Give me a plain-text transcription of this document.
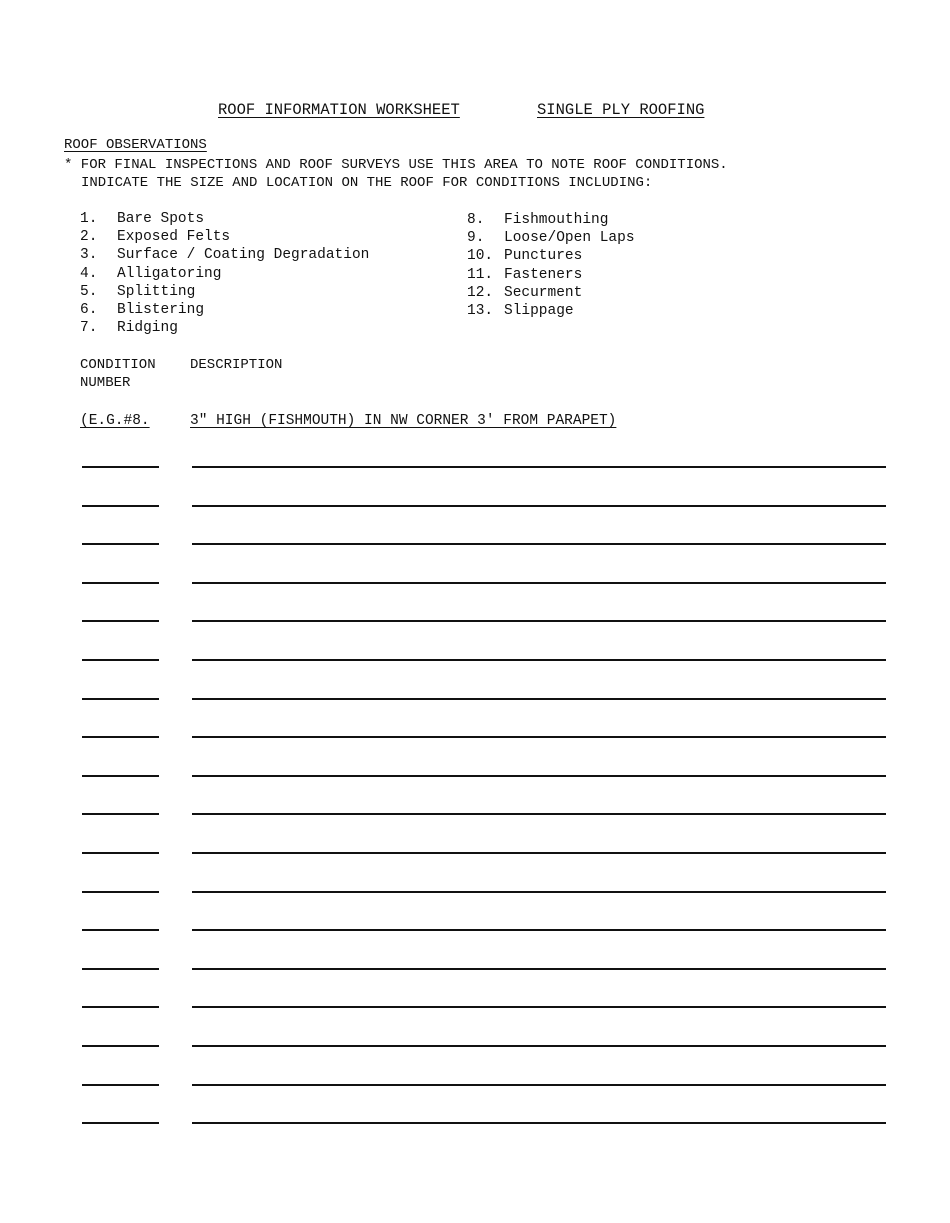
ROOF INFORMATION WORKSHEET	SINGLE PLY ROOFING
ROOF OBSERVATIONS
* FOR FINAL INSPECTIONS AND ROOF SURVEYS USE THIS AREA TO NOTE ROOF CONDITIONS.
INDICATE THE SIZE AND LOCATION ON THE ROOF FOR CONDITIONS INCLUDING:
1. Bare Spots
2. Exposed Felts
3. Surface / Coating Degradation
4. Alligatoring
5. Splitting
6. Blistering
7. Ridging
8. Fishmouthing
9. Loose/Open Laps
10. Punctures
11. Fasteners
12. Securment
13. Slippage
CONDITION
NUMBER
DESCRIPTION
(E.G.#8.	3" HIGH (FISHMOUTH) IN NW CORNER 3' FROM PARAPET)
